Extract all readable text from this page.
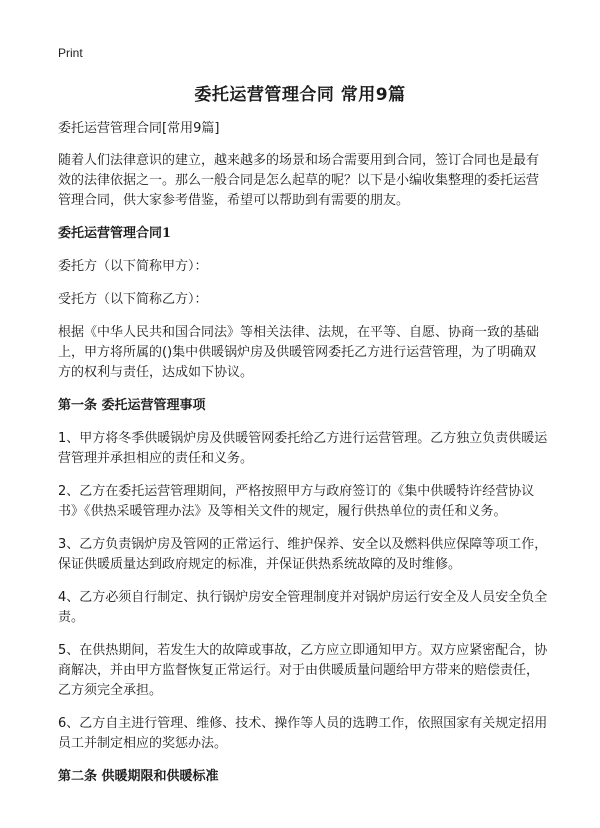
Print
委托运营管理合同 常用9篇

委托运营管理合同[常用9篇]

随着人们法律意识的建立，越来越多的场景和场合需要用到合同，签订合同也是最有效的法律依据之一。那么一般合同是怎么起草的呢？以下是小编收集整理的委托运营管理合同，供大家参考借鉴，希望可以帮助到有需要的朋友。

委托运营管理合同1

委托方（以下简称甲方）：

受托方（以下简称乙方）：

根据《中华人民共和国合同法》等相关法律、法规，在平等、自愿、协商一致的基础上，甲方将所属的()集中供暖锅炉房及供暖管网委托乙方进行运营管理，为了明确双方的权利与责任，达成如下协议。

第一条 委托运营管理事项

1、甲方将冬季供暖锅炉房及供暖管网委托给乙方进行运营管理。乙方独立负责供暖运营管理并承担相应的责任和义务。

2、乙方在委托运营管理期间，严格按照甲方与政府签订的《集中供暖特许经营协议书》《供热采暖管理办法》及等相关文件的规定，履行供热单位的责任和义务。

3、乙方负责锅炉房及管网的正常运行、维护保养、安全以及燃料供应保障等项工作，保证供暖质量达到政府规定的标准，并保证供热系统故障的及时维修。

4、乙方必须自行制定、执行锅炉房安全管理制度并对锅炉房运行安全及人员安全负全责。

5、在供热期间，若发生大的故障或事故，乙方应立即通知甲方。双方应紧密配合，协商解决，并由甲方监督恢复正常运行。对于由供暖质量问题给甲方带来的赔偿责任，乙方须完全承担。

6、乙方自主进行管理、维修、技术、操作等人员的选聘工作，依照国家有关规定招用员工并制定相应的奖惩办法。

第二条 供暖期限和供暖标准
